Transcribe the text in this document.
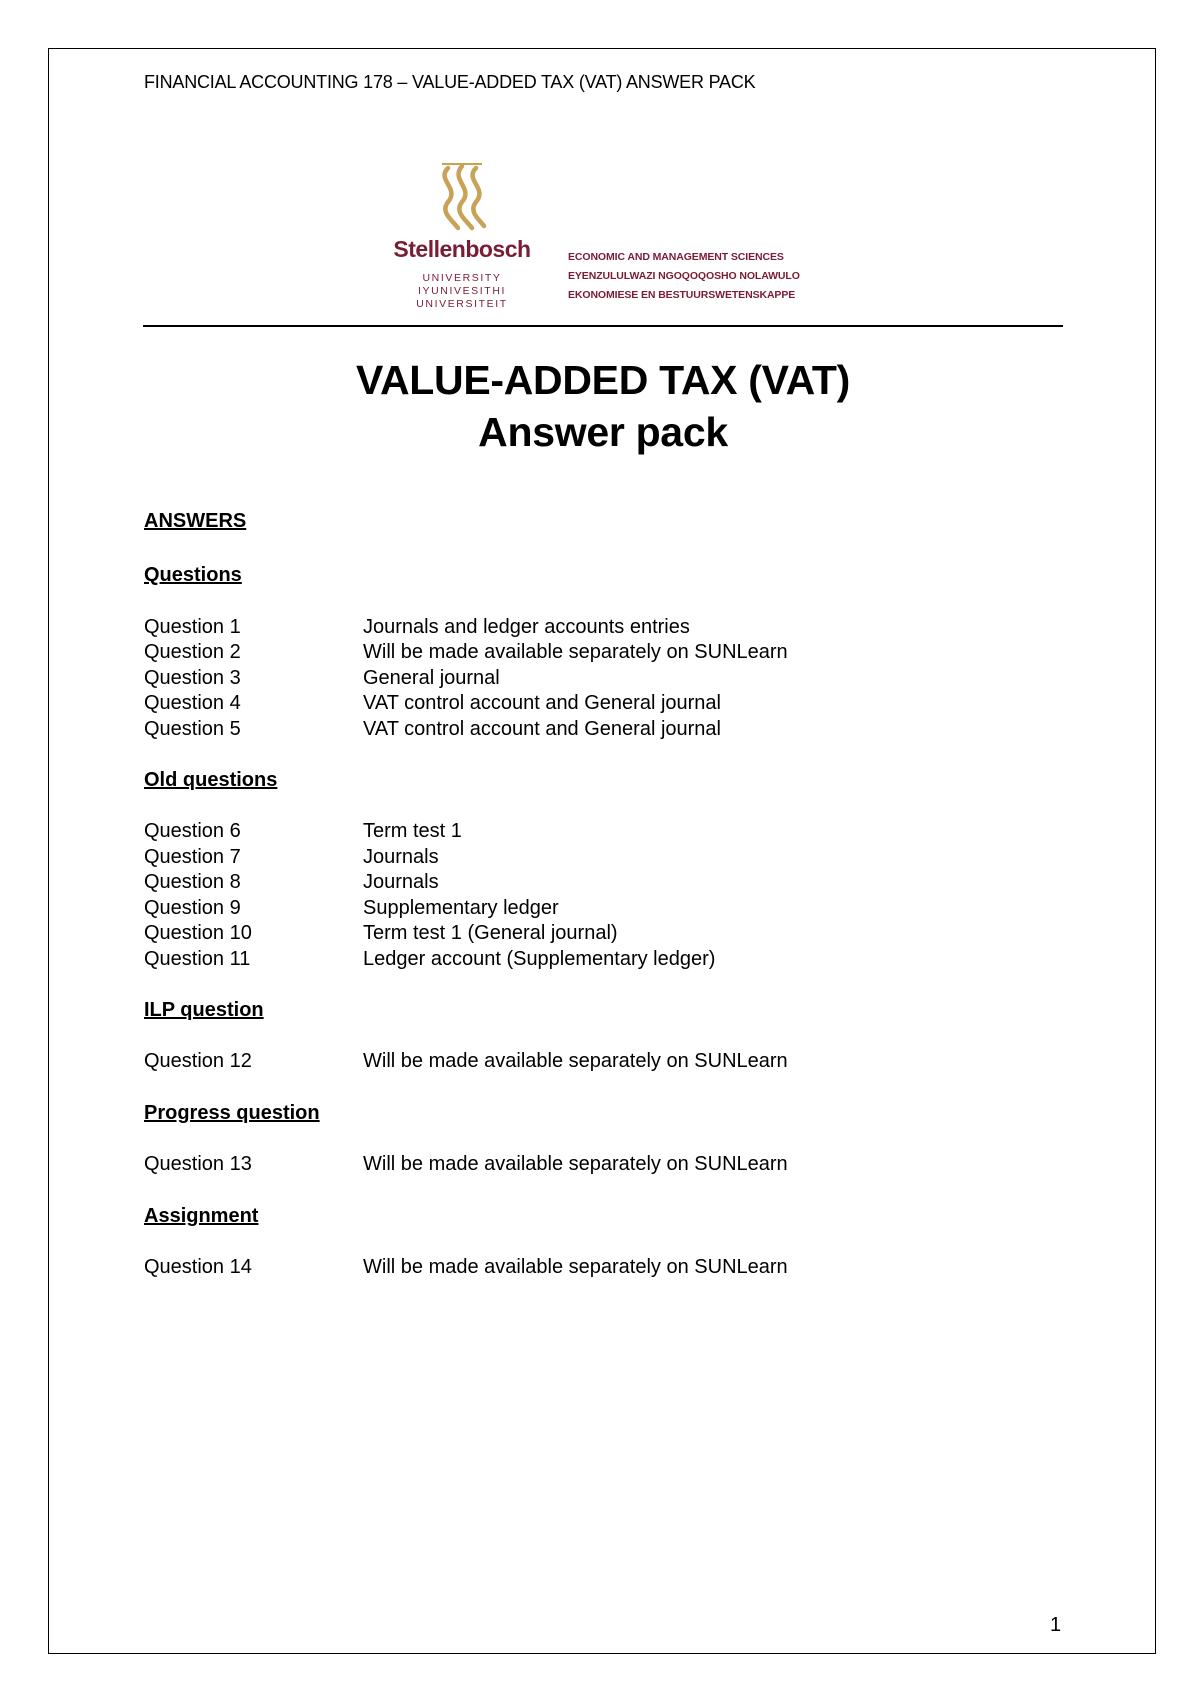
FINANCIAL ACCOUNTING 178 – VALUE-ADDED TAX (VAT) ANSWER PACK
Stellenbosch
UNIVERSITY
IYUNIVESITHI
UNIVERSITEIT
ECONOMIC AND MANAGEMENT SCIENCES
EYENZULULWAZI NGOQOQOSHO NOLAWULO
EKONOMIESE EN BESTUURSWETENSKAPPE
VALUE-ADDED TAX (VAT)
Answer pack
ANSWERS
Questions
Question 1	Journals and ledger accounts entries
Question 2	Will be made available separately on SUNLearn
Question 3	General journal
Question 4	VAT control account and General journal
Question 5	VAT control account and General journal
Old questions
Question 6	Term test 1
Question 7	Journals
Question 8	Journals
Question 9	Supplementary ledger
Question 10	Term test 1 (General journal)
Question 11	Ledger account (Supplementary ledger)
ILP question
Question 12	Will be made available separately on SUNLearn
Progress question
Question 13	Will be made available separately on SUNLearn
Assignment
Question 14	Will be made available separately on SUNLearn
1
